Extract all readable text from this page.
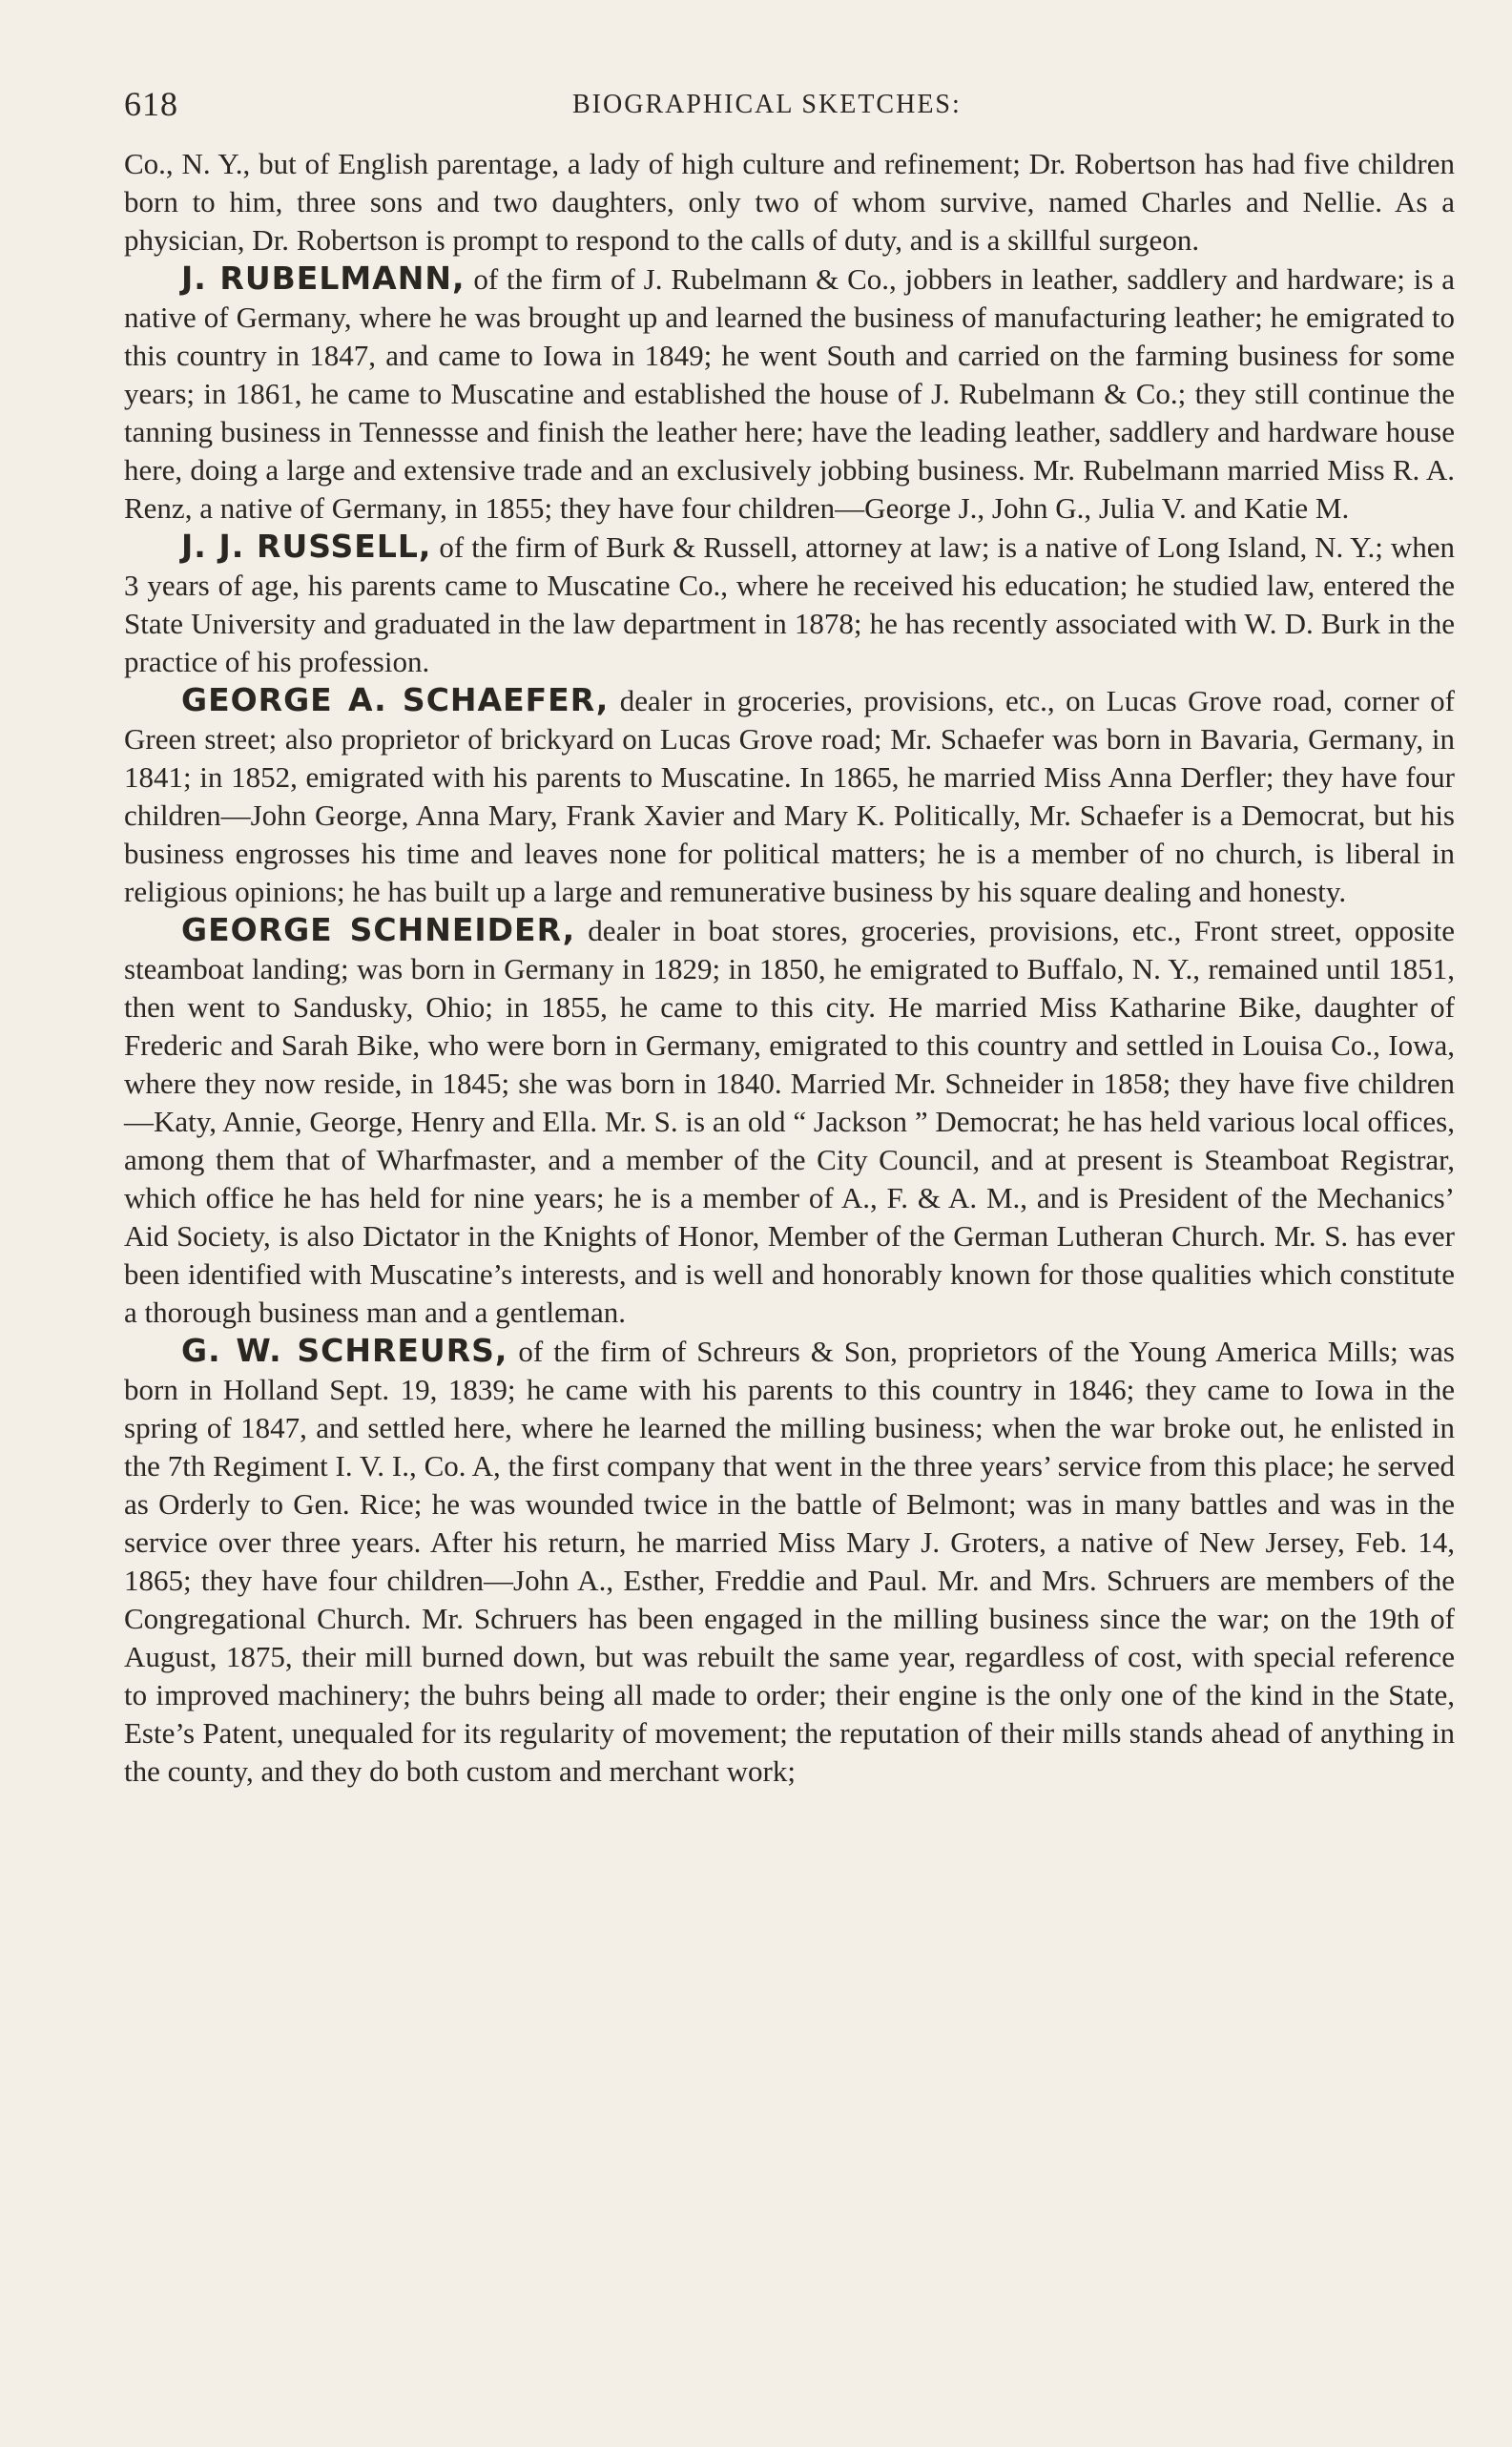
618	BIOGRAPHICAL SKETCHES:

Co., N. Y., but of English parentage, a lady of high culture and refinement; Dr. Robertson has had five children born to him, three sons and two daughters, only two of whom survive, named Charles and Nellie. As a physician, Dr. Robertson is prompt to respond to the calls of duty, and is a skillful surgeon.

J. RUBELMANN, of the firm of J. Rubelmann & Co., jobbers in leather, saddlery and hardware; is a native of Germany, where he was brought up and learned the business of manufacturing leather; he emigrated to this country in 1847, and came to Iowa in 1849; he went South and carried on the farming business for some years; in 1861, he came to Muscatine and established the house of J. Rubelmann & Co.; they still continue the tanning business in Tennessse and finish the leather here; have the leading leather, saddlery and hardware house here, doing a large and extensive trade and an exclusively jobbing business. Mr. Rubelmann married Miss R. A. Renz, a native of Germany, in 1855; they have four children—George J., John G., Julia V. and Katie M.

J. J. RUSSELL, of the firm of Burk & Russell, attorney at law; is a native of Long Island, N. Y.; when 3 years of age, his parents came to Muscatine Co., where he received his education; he studied law, entered the State University and graduated in the law department in 1878; he has recently associated with W. D. Burk in the practice of his profession.

GEORGE A. SCHAEFER, dealer in groceries, provisions, etc., on Lucas Grove road, corner of Green street; also proprietor of brickyard on Lucas Grove road; Mr. Schaefer was born in Bavaria, Germany, in 1841; in 1852, emigrated with his parents to Muscatine. In 1865, he married Miss Anna Derfler; they have four children—John George, Anna Mary, Frank Xavier and Mary K. Politically, Mr. Schaefer is a Democrat, but his business engrosses his time and leaves none for political matters; he is a member of no church, is liberal in religious opinions; he has built up a large and remunerative business by his square dealing and honesty.

GEORGE SCHNEIDER, dealer in boat stores, groceries, provisions, etc., Front street, opposite steamboat landing; was born in Germany in 1829; in 1850, he emigrated to Buffalo, N. Y., remained until 1851, then went to Sandusky, Ohio; in 1855, he came to this city. He married Miss Katharine Bike, daughter of Frederic and Sarah Bike, who were born in Germany, emigrated to this country and settled in Louisa Co., Iowa, where they now reside, in 1845; she was born in 1840. Married Mr. Schneider in 1858; they have five children—Katy, Annie, George, Henry and Ella. Mr. S. is an old “ Jackson ” Democrat; he has held various local offices, among them that of Wharfmaster, and a member of the City Council, and at present is Steamboat Registrar, which office he has held for nine years; he is a member of A., F. & A. M., and is President of the Mechanics’ Aid Society, is also Dictator in the Knights of Honor, Member of the German Lutheran Church. Mr. S. has ever been identified with Muscatine’s interests, and is well and honorably known for those qualities which constitute a thorough business man and a gentleman.

G. W. SCHREURS, of the firm of Schreurs & Son, proprietors of the Young America Mills; was born in Holland Sept. 19, 1839; he came with his parents to this country in 1846; they came to Iowa in the spring of 1847, and settled here, where he learned the milling business; when the war broke out, he enlisted in the 7th Regiment I. V. I., Co. A, the first company that went in the three years’ service from this place; he served as Orderly to Gen. Rice; he was wounded twice in the battle of Belmont; was in many battles and was in the service over three years. After his return, he married Miss Mary J. Groters, a native of New Jersey, Feb. 14, 1865; they have four children—John A., Esther, Freddie and Paul. Mr. and Mrs. Schruers are members of the Congregational Church. Mr. Schruers has been engaged in the milling business since the war; on the 19th of August, 1875, their mill burned down, but was rebuilt the same year, regardless of cost, with special reference to improved machinery; the buhrs being all made to order; their engine is the only one of the kind in the State, Este’s Patent, unequaled for its regularity of movement; the reputation of their mills stands ahead of anything in the county, and they do both custom and merchant work;
